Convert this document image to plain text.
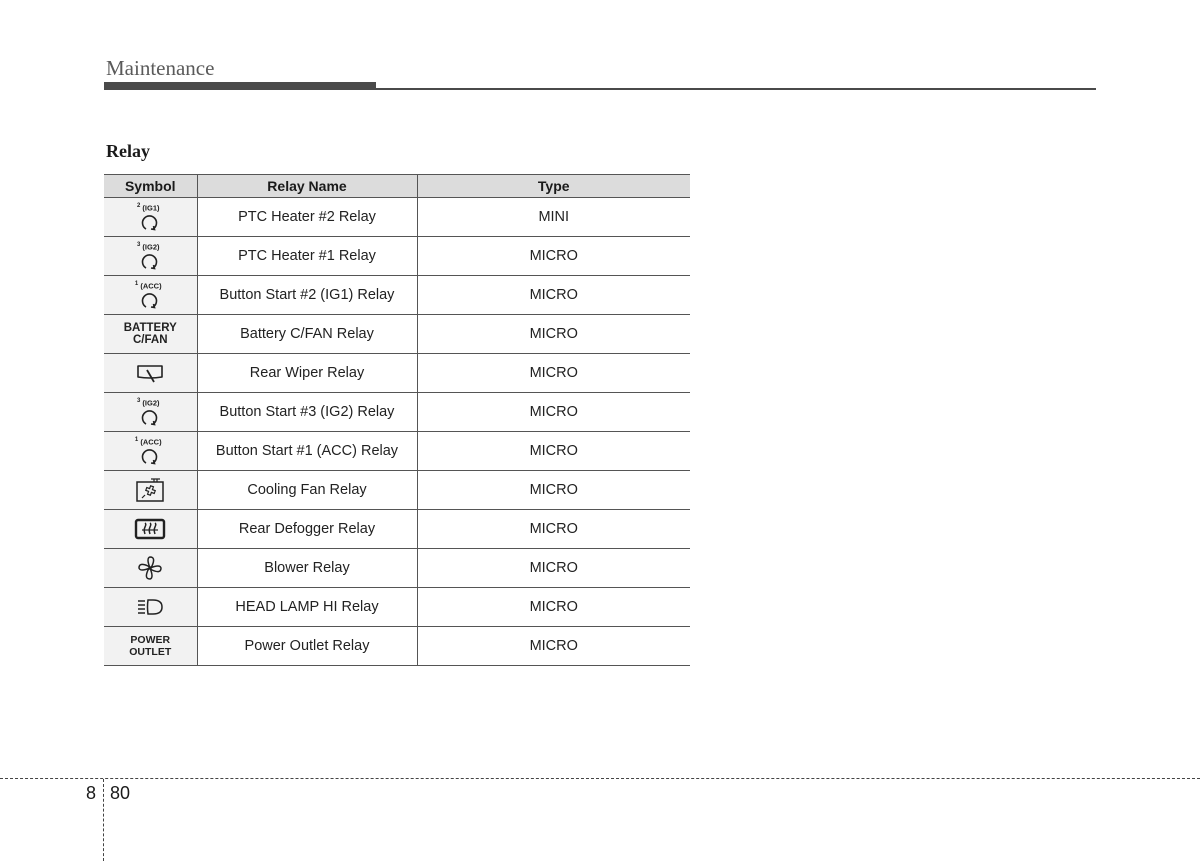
Maintenance
Relay
Symbol	Relay Name	Type

$^2$ (IG1)	PTC Heater #2 Relay	MINI

$^3$ (IG2)	PTC Heater #1 Relay	MICRO

$^1$ (ACC)	Button Start #2 (IG1) Relay	MICRO

BATTERY
C/FAN	Battery C/FAN Relay	MICRO

	Rear Wiper Relay	MICRO

$^3$ (IG2)	Button Start #3 (IG2) Relay	MICRO

$^1$ (ACC)	Button Start #1 (ACC) Relay	MICRO

	Cooling Fan Relay	MICRO

	Rear Defogger Relay	MICRO

	Blower Relay	MICRO

	HEAD LAMP HI Relay	MICRO

POWER
OUTLET	Power Outlet Relay	MICRO
8 80
